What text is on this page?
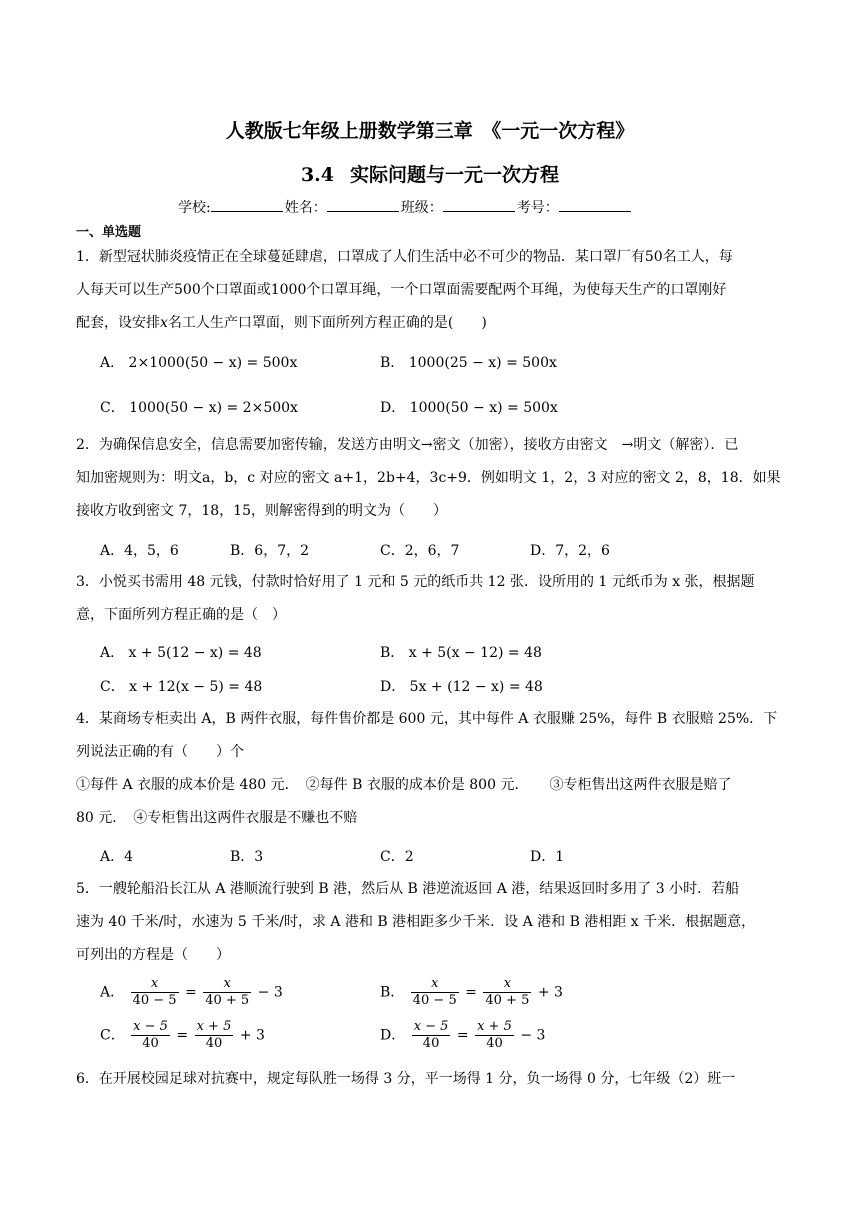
人教版七年级上册数学第三章　《一元一次方程》
3.4 实际问题与一元一次方程
学校:	姓名：	班级：	考号：
一、单选题
1．新型冠状肺炎疫情正在全球蔓延肆虐，口罩成了人们生活中必不可少的物品．某口罩厂有50名工人，每
人每天可以生产500个口罩面或1000个口罩耳绳，一个口罩面需要配两个耳绳，为使每天生产的口罩刚好
配套，设安排x名工人生产口罩面，则下面所列方程正确的是(　　)
A． 2×1000(50 − x) = 500x	B． 1000(25 − x) = 500x
C． 1000(50 − x) = 2×500x	D． 1000(50 − x) = 500x
2．为确保信息安全，信息需要加密传输，发送方由明文→密文（加密），接收方由密文　→明文（解密）．已
知加密规则为：明文a，b，c 对应的密文 a+1，2b+4，3c+9．例如明文 1，2，3 对应的密文 2，8，18．如果
接收方收到密文 7，18，15，则解密得到的明文为（　　）
A．4，5，6	B．6，7，2	C．2，6，7	D．7，2，6
3．小悦买书需用 48 元钱，付款时恰好用了 1 元和 5 元的纸币共 12 张．设所用的 1 元纸币为 x 张，根据题
意，下面所列方程正确的是（　）
A． x + 5(12 − x) = 48	B． x + 5(x − 12) = 48
C． x + 12(x − 5) = 48	D． 5x + (12 − x) = 48
4．某商场专柜卖出 A，B 两件衣服，每件售价都是 600 元，其中每件 A 衣服赚 25%，每件 B 衣服赔 25%．下
列说法正确的有（　　）个
①每件 A 衣服的成本价是 480 元．　②每件 B 衣服的成本价是 800 元．　　③专柜售出这两件衣服是赔了
80 元．　④专柜售出这两件衣服是不赚也不赔
A．4	B．3	C．2	D．1
5．一艘轮船沿长江从 A 港顺流行驶到 B 港，然后从 B 港逆流返回 A 港，结果返回时多用了 3 小时．若船
速为 40 千米/时，水速为 5 千米/时，求 A 港和 B 港相距多少千米．设 A 港和 B 港相距 x 千米．根据题意，
可列出的方程是（　　）
A． $\frac{x}{40 - 5} = \frac{x}{40 + 5} - 3$	B． $\frac{x}{40 - 5} = \frac{x}{40 + 5} + 3$
C． $\frac{x - 5}{40} = \frac{x + 5}{40} + 3$	D． $\frac{x - 5}{40} = \frac{x + 5}{40} - 3$
6．在开展校园足球对抗赛中，规定每队胜一场得 3 分，平一场得 1 分，负一场得 0 分，七年级（2）班一
